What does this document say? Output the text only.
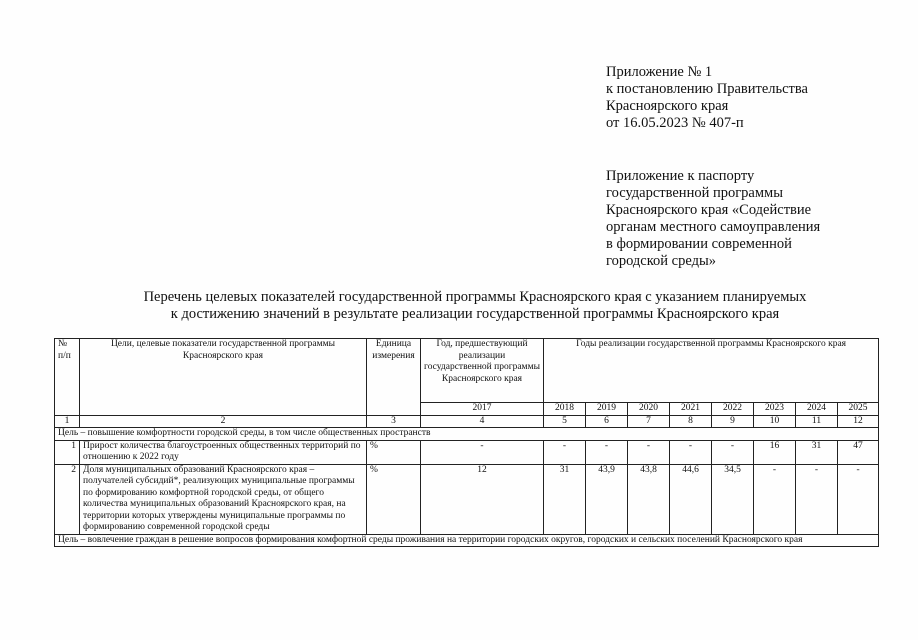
Приложение № 1
к постановлению Правительства
Красноярского края
от 16.05.2023 № 407-п
Приложение к паспорту
государственной программы
Красноярского края «Содействие
органам местного самоуправления
в формировании современной
городской среды»
Перечень целевых показателей государственной программы Красноярского края с указанием планируемых
к достижению значений в результате реализации государственной программы Красноярского края
№ п/п	Цели, целевые показатели государственной программы Красноярского края	Единица измерения	Год, предшествующий реализации государственной программы Красноярского края	Годы реализации государственной программы Красноярского края							
			2017	2018	2019	2020	2021	2022	2023	2024	2025
1	2	3	4	5	6	7	8	9	10	11	12
Цель – повышение комфортности городской среды, в том числе общественных пространств											
1	Прирост количества благоустроенных общественных территорий по отношению к 2022 году	%	-	-	-	-	-	-	16	31	47
2	Доля муниципальных образований Красноярского края – получателей субсидий*, реализующих муниципальные программы по формированию комфортной городской среды, от общего количества муниципальных образований Красноярского края, на территории которых утверждены муниципальные программы по формированию современной городской среды	%	12	31	43,9	43,8	44,6	34,5	-	-	-
Цель – вовлечение граждан в решение вопросов формирования комфортной среды проживания на территории городских округов, городских и сельских поселений Красноярского края											
